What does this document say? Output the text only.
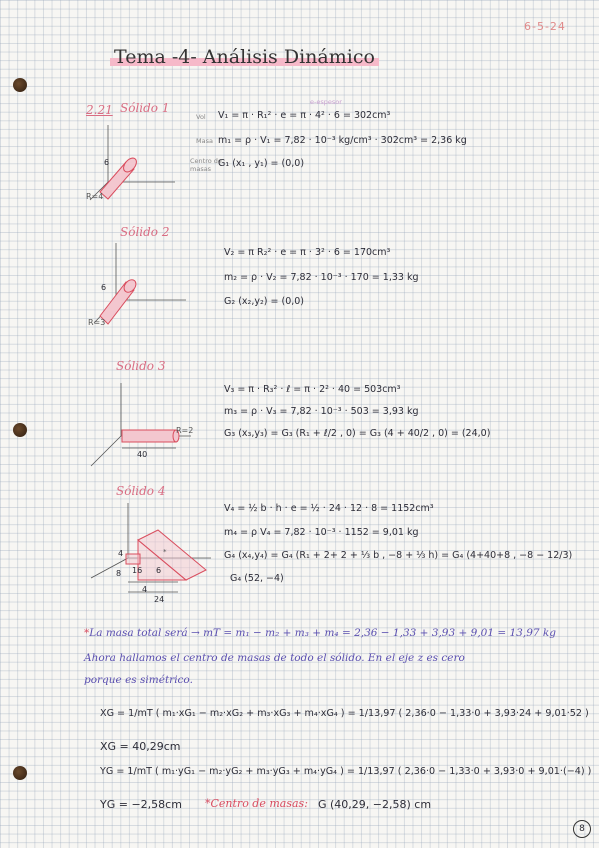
6-5-24
Tema -4- Análisis Dinámico
2.21 Sólido 1	e-espesor
Vol
Masa
Centro de masas
V₁ = π · R₁² · e = π · 4² · 6 = 302cm³
m₁ = ρ · V₁ = 7,82 · 10⁻³ kg/cm³ · 302cm³ = 2,36 kg
G₁ (x₁ , y₁) = (0,0)
6
R=4
Sólido 2
V₂ = π R₂² · e = π · 3² · 6 = 170cm³
m₂ = ρ · V₂ = 7,82 · 10⁻³ · 170 = 1,33 kg
G₂ (x₂,y₂) = (0,0)
6
R=3
Sólido 3
V₃ = π · R₃² · ℓ = π · 2² · 40 = 503cm³
m₃ = ρ · V₃ = 7,82 · 10⁻³ · 503 = 3,93 kg
G₃ (x₃,y₃) = G₃ (R₁ + ℓ/2 , 0) = G₃ (4 + 40/2 , 0) = (24,0)
40
R=2
Sólido 4
V₄ = ½ b · h · e = ½ · 24 · 12 · 8 = 1152cm³
m₄ = ρ V₄ = 7,82 · 10⁻³ · 1152 = 9,01 kg
G₄ (x₄,y₄) = G₄ (R₁ + 2+ 2 + ⅓ b , −8 + ⅓ h) = G₄ (4+40+8 , −8 − 12/3)
G₄ (52, −4)
*
4
8 16 6
4
24
*La masa total será → mT = m₁ − m₂ + m₃ + m₄ = 2,36 − 1,33 + 3,93 + 9,01 = 13,97 kg
Ahora hallamos el centro de masas de todo el sólido. En el eje z es cero
porque es simétrico.
XG = 1/mT ( m₁·xG₁ − m₂·xG₂ + m₃·xG₃ + m₄·xG₄ ) = 1/13,97 ( 2,36·0 − 1,33·0 + 3,93·24 + 9,01·52 )
XG = 40,29cm
YG = 1/mT ( m₁·yG₁ − m₂·yG₂ + m₃·yG₃ + m₄·yG₄ ) = 1/13,97 ( 2,36·0 − 1,33·0 + 3,93·0 + 9,01·(−4) )
YG = −2,58cm *Centro de masas: G (40,29, −2,58) cm
8
